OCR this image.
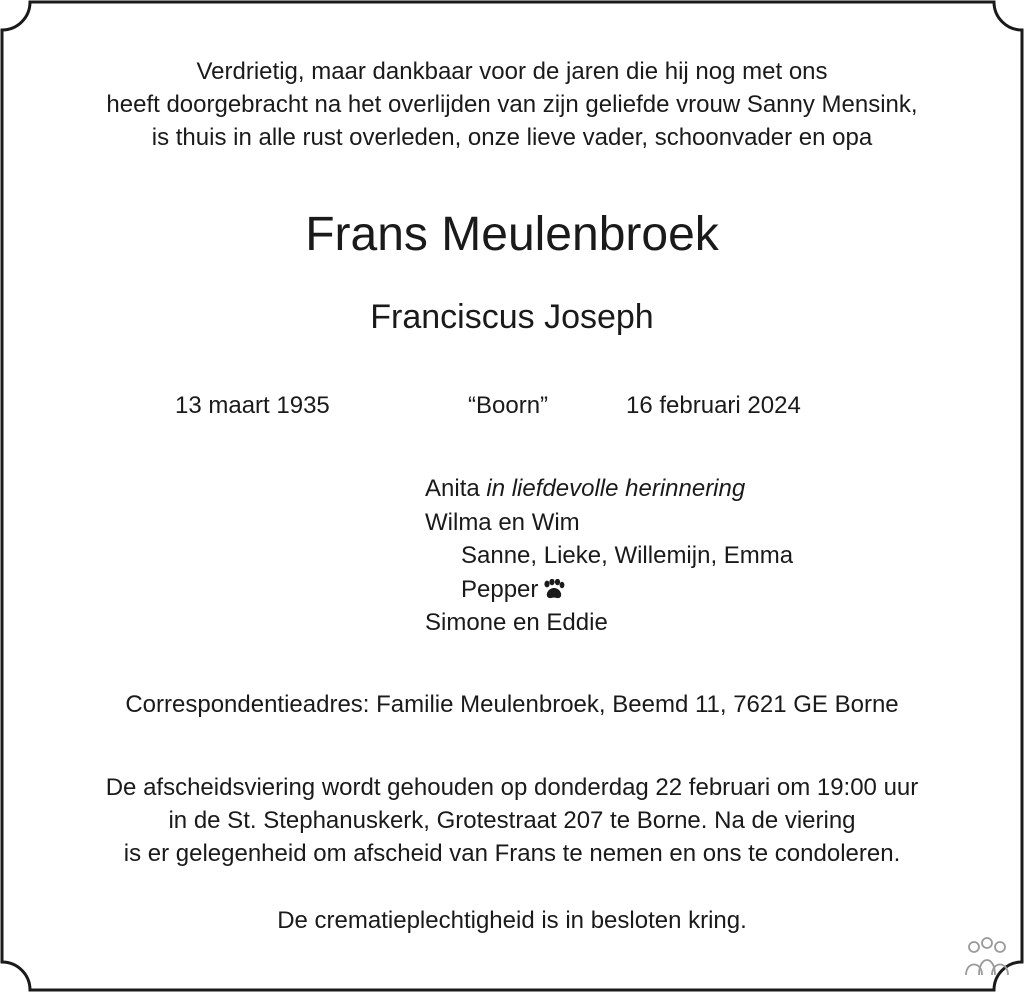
Verdrietig, maar dankbaar voor de jaren die hij nog met ons
heeft doorgebracht na het overlijden van zijn geliefde vrouw Sanny Mensink,
is thuis in alle rust overleden, onze lieve vader, schoonvader en opa
Frans Meulenbroek
Franciscus Joseph
13 maart 1935	“Boorn”	16 februari 2024
Anita in liefdevolle herinnering
Wilma en Wim
Sanne, Lieke, Willemijn, Emma
Pepper
Simone en Eddie
Correspondentieadres: Familie Meulenbroek, Beemd 11, 7621 GE Borne
De afscheidsviering wordt gehouden op donderdag 22 februari om 19:00 uur
in de St. Stephanuskerk, Grotestraat 207 te Borne. Na de viering
is er gelegenheid om afscheid van Frans te nemen en ons te condoleren.
De crematieplechtigheid is in besloten kring.
